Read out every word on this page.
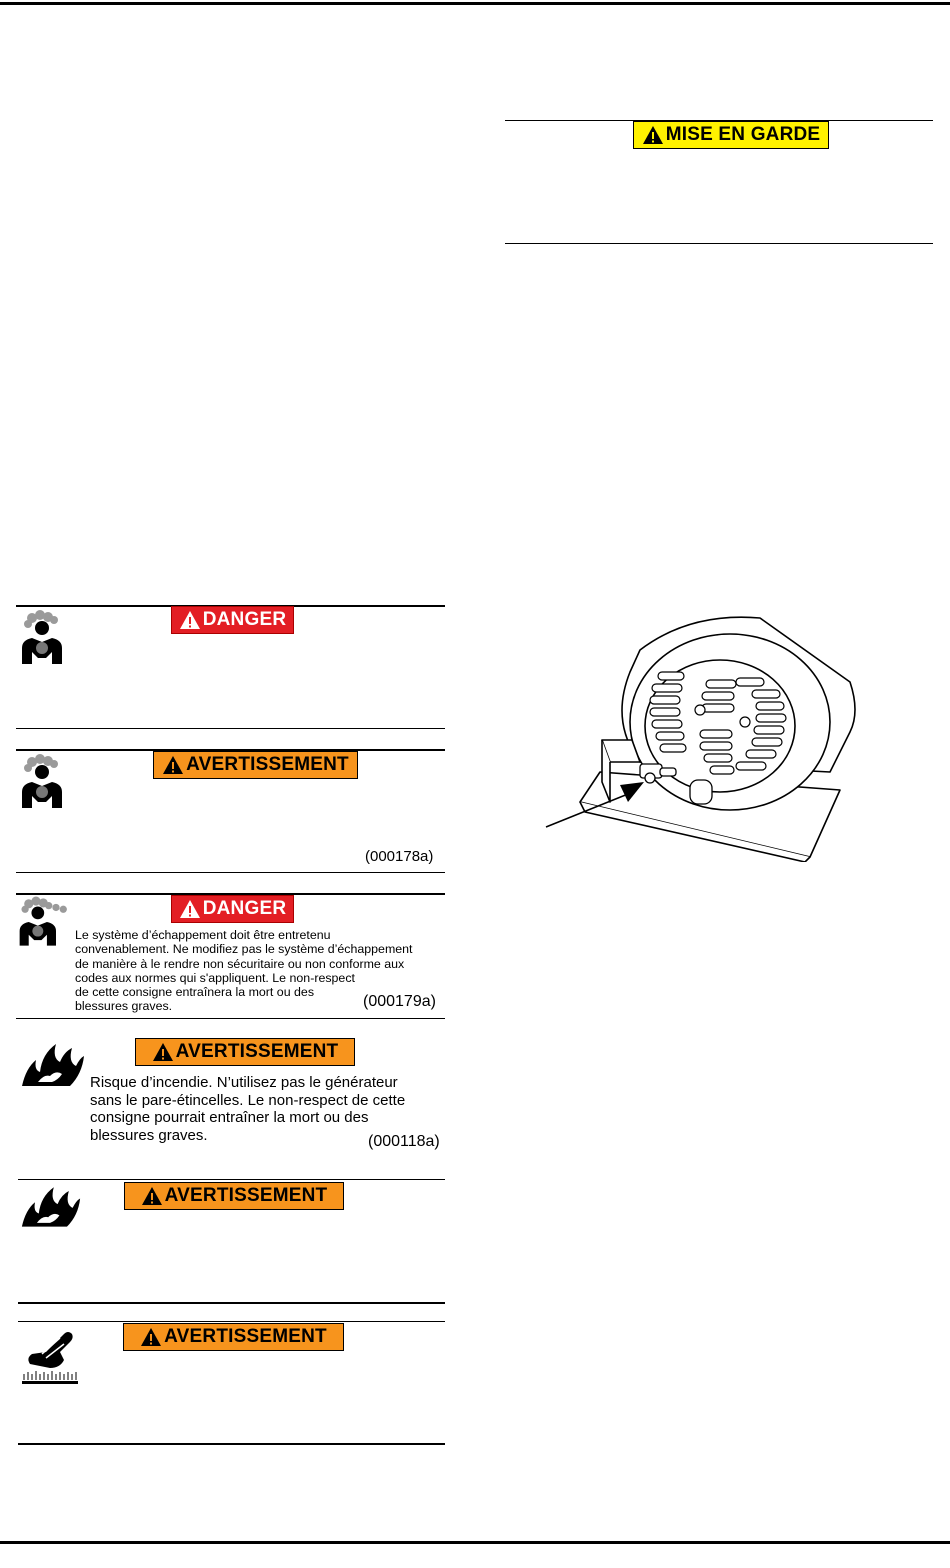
MISE EN GARDE
DANGER
AVERTISSEMENT
(000178a)
DANGER
Le système d’échappement doit être entretenu
convenablement. Ne modifiez pas le système d’échappement
de manière à le rendre non sécuritaire ou non conforme aux
codes aux normes qui s'appliquent. Le non-respect
de cette consigne entraînera la mort ou des
blessures graves.	(000179a)
AVERTISSEMENT
Risque d’incendie. N’utilisez pas le générateur
sans le pare-étincelles. Le non-respect de cette
consigne pourrait entraîner la mort ou des
blessures graves.	(000118a)
AVERTISSEMENT
AVERTISSEMENT
